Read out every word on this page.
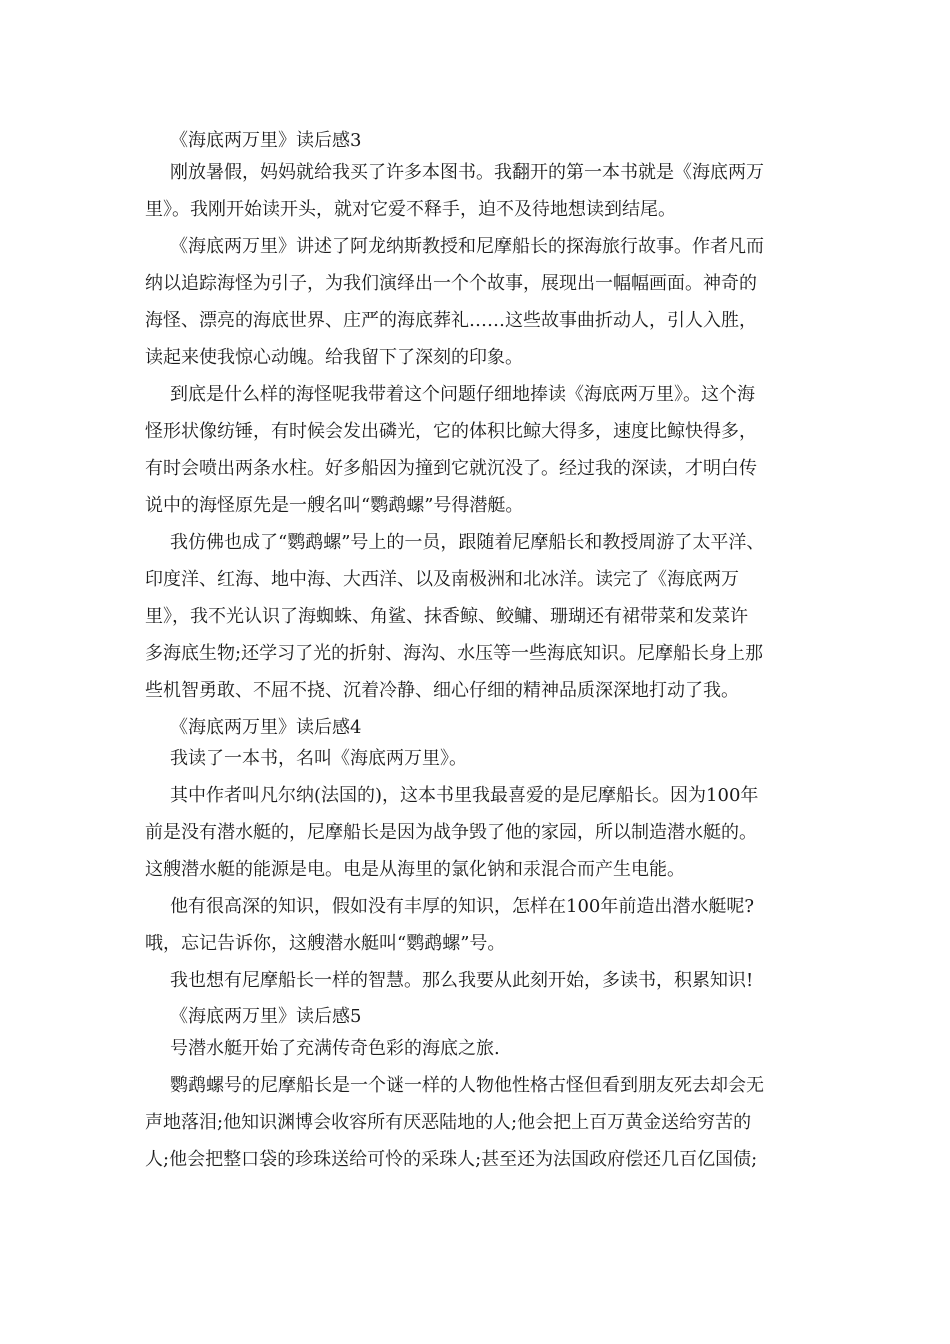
《海底两万里》读后感3
刚放暑假，妈妈就给我买了许多本图书。我翻开的第一本书就是《海底两万
里》。我刚开始读开头，就对它爱不释手，迫不及待地想读到结尾。
《海底两万里》讲述了阿龙纳斯教授和尼摩船长的探海旅行故事。作者凡而
纳以追踪海怪为引子，为我们演绎出一个个故事，展现出一幅幅画面。神奇的
海怪、漂亮的海底世界、庄严的海底葬礼……这些故事曲折动人，引人入胜，
读起来使我惊心动魄。给我留下了深刻的印象。
到底是什么样的海怪呢我带着这个问题仔细地捧读《海底两万里》。这个海
怪形状像纺锤，有时候会发出磷光，它的体积比鲸大得多，速度比鲸快得多，
有时会喷出两条水柱。好多船因为撞到它就沉没了。经过我的深读，才明白传
说中的海怪原先是一艘名叫“鹦鹉螺”号得潜艇。
我仿佛也成了“鹦鹉螺”号上的一员，跟随着尼摩船长和教授周游了太平洋、
印度洋、红海、地中海、大西洋、以及南极洲和北冰洋。读完了《海底两万
里》，我不光认识了海蜘蛛、角鲨、抹香鲸、鲛鳙、珊瑚还有裙带菜和发菜许
多海底生物;还学习了光的折射、海沟、水压等一些海底知识。尼摩船长身上那
些机智勇敢、不屈不挠、沉着冷静、细心仔细的精神品质深深地打动了我。
《海底两万里》读后感4
我读了一本书，名叫《海底两万里》。
其中作者叫凡尔纳(法国的)，这本书里我最喜爱的是尼摩船长。因为100年
前是没有潜水艇的，尼摩船长是因为战争毁了他的家园，所以制造潜水艇的。
这艘潜水艇的能源是电。电是从海里的氯化钠和汞混合而产生电能。
他有很高深的知识，假如没有丰厚的知识，怎样在100年前造出潜水艇呢?
哦，忘记告诉你，这艘潜水艇叫“鹦鹉螺”号。
我也想有尼摩船长一样的智慧。那么我要从此刻开始，多读书，积累知识!
《海底两万里》读后感5
号潜水艇开始了充满传奇色彩的海底之旅.
鹦鹉螺号的尼摩船长是一个谜一样的人物他性格古怪但看到朋友死去却会无
声地落泪;他知识渊博会收容所有厌恶陆地的人;他会把上百万黄金送给穷苦的
人;他会把整口袋的珍珠送给可怜的采珠人;甚至还为法国政府偿还几百亿国债;
